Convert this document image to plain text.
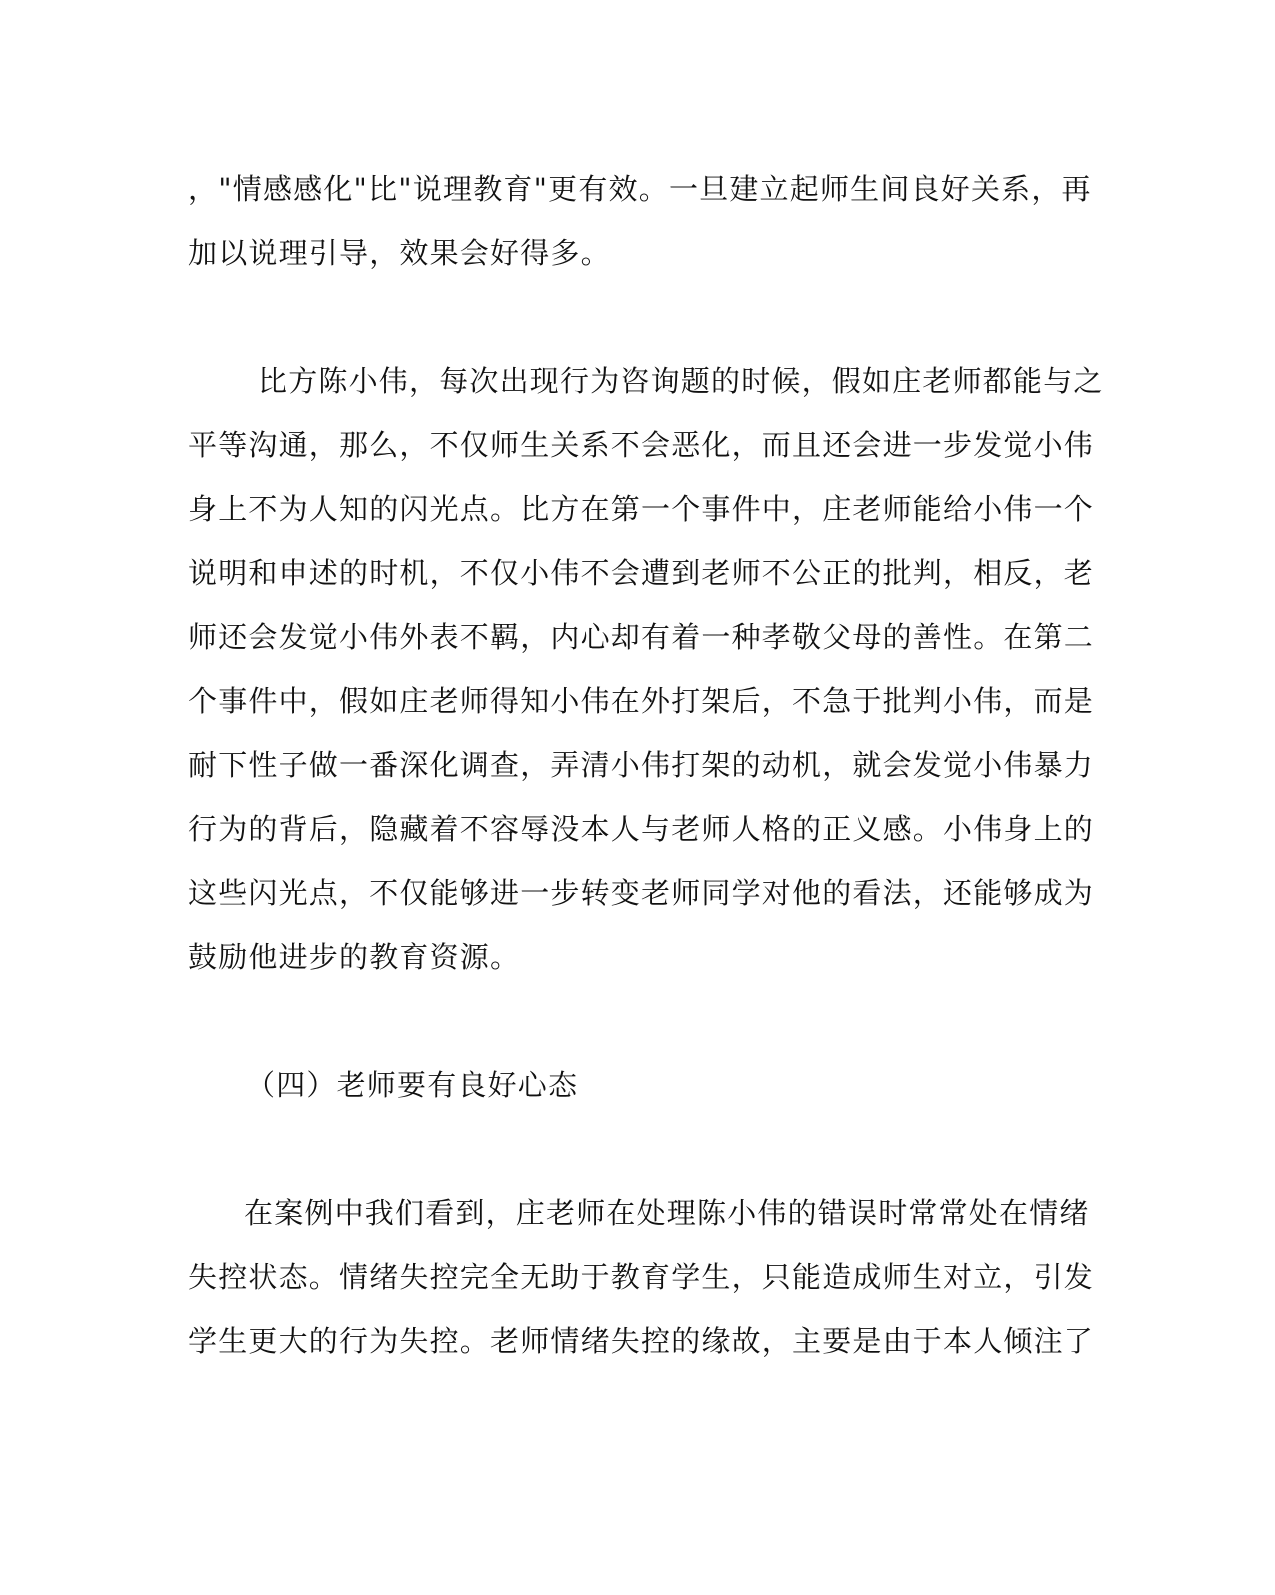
，"情感感化"比"说理教育"更有效。一旦建立起师生间良好关系，再
加以说理引导，效果会好得多。
比方陈小伟，每次出现行为咨询题的时候，假如庄老师都能与之
平等沟通，那么，不仅师生关系不会恶化，而且还会进一步发觉小伟
身上不为人知的闪光点。比方在第一个事件中，庄老师能给小伟一个
说明和申述的时机，不仅小伟不会遭到老师不公正的批判，相反，老
师还会发觉小伟外表不羁，内心却有着一种孝敬父母的善性。在第二
个事件中，假如庄老师得知小伟在外打架后，不急于批判小伟，而是
耐下性子做一番深化调查，弄清小伟打架的动机，就会发觉小伟暴力
行为的背后，隐藏着不容辱没本人与老师人格的正义感。小伟身上的
这些闪光点，不仅能够进一步转变老师同学对他的看法，还能够成为
鼓励他进步的教育资源。
（四）老师要有良好心态
在案例中我们看到，庄老师在处理陈小伟的错误时常常处在情绪
失控状态。情绪失控完全无助于教育学生，只能造成师生对立，引发
学生更大的行为失控。老师情绪失控的缘故，主要是由于本人倾注了
